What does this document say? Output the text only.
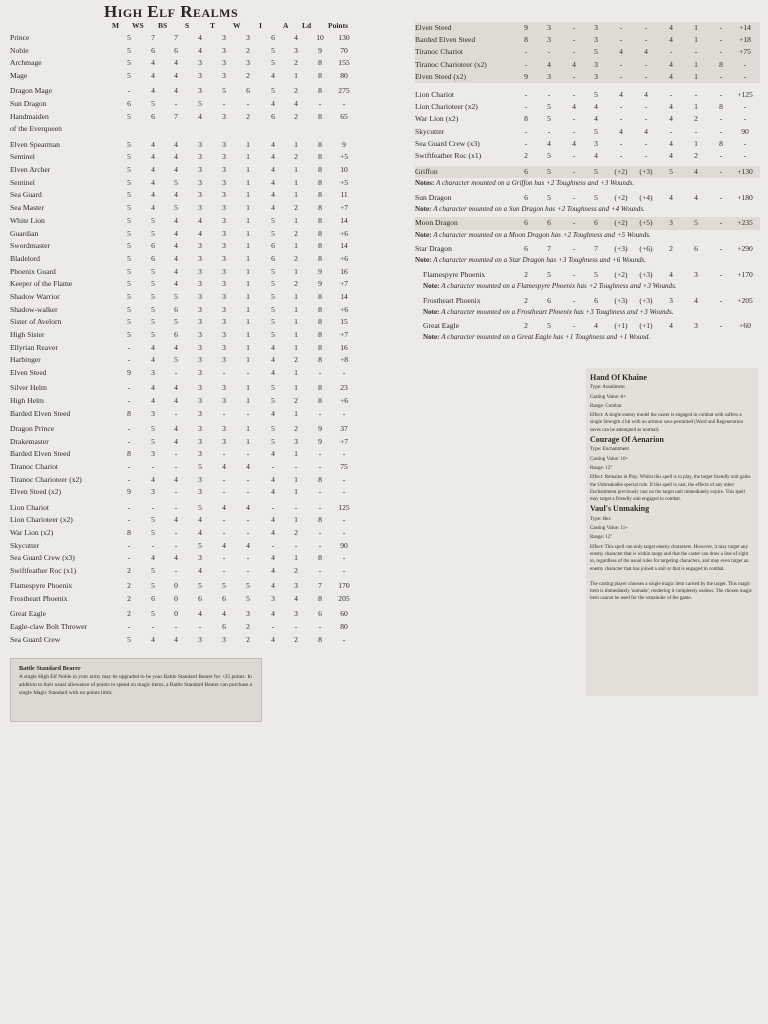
High Elf Realms
M WS BS S	T W I	A Ld Points
Prince	5	7	7	4	3	3	6	4	10	130
Noble	5	6	6	4	3	2	5	3	9	70
Archmage	5	4	4	3	3	3	5	2	8	155
Mage	5	4	4	3	3	2	4	1	8	80
Dragon Mage	-	4	4	3	5	6	5	2	8	275
Sun Dragon	6	5	-	5	-	-	4	4	-	-
Handmaiden	5	6	7	4	3	2	6	2	8	65
of the Everqueen
Elven Spearman	5	4	4	3	3	1	4	1	8	9
Sentinel	5	4	4	3	3	1	4	2	8	+5
Elven Archer	5	4	4	3	3	1	4	1	8	10
Sentinel	5	4	5	3	3	1	4	1	8	+5
Sea Guard	5	4	4	3	3	1	4	1	8	11
Sea Master	5	4	5	3	3	1	4	2	8	+7
White Lion	5	5	4	4	3	1	5	1	8	14
Guardian	5	5	4	4	3	1	5	2	8	+6
Swordmaster	5	6	4	3	3	1	6	1	8	14
Bladelord	5	6	4	3	3	1	6	2	8	+6
Phoenix Guard	5	5	4	3	3	1	5	1	9	16
Keeper of the Flame	5	5	4	3	3	1	5	2	9	+7
Shadow Warrior	5	5	5	3	3	1	5	1	8	14
Shadow-walker	5	5	6	3	3	1	5	1	8	+6
Sister of Avelorn	5	5	5	3	3	1	5	1	8	15
High Sister	5	5	6	3	3	1	5	1	8	+7
Ellyrian Reaver	-	4	4	3	3	1	4	1	8	16
Harbinger	-	4	5	3	3	1	4	2	8	+8
Elven Steed	9	3	-	3	-	-	4	1	-	-
Silver Helm	-	4	4	3	3	1	5	1	8	23
High Helm	-	4	4	3	3	1	5	2	8	+6
Barded Elven Steed	8	3	-	3	-	-	4	1	-	-
Dragon Prince	-	5	4	3	3	1	5	2	9	37
Drakemaster	-	5	4	3	3	1	5	3	9	+7
Barded Elven Steed	8	3	-	3	-	-	4	1	-	-
Tiranoc Chariot	-	-	-	5	4	4	-	-	-	75
Tiranoc Charioteer (x2)	-	4	4	3	-	-	4	1	8	-
Elven Steed (x2)	9	3	-	3	-	-	4	1	-	-
Lion Chariot	-	-	-	5	4	4	-	-	-	125
Lion Charioteer (x2)	-	5	4	4	-	-	4	1	8	-
War Lion (x2)	8	5	-	4	-	-	4	2	-	-
Skycutter	-	-	-	5	4	4	-	-	-	90
Sea Guard Crew (x3)	-	4	4	3	-	-	4	1	8	-
Swiftfeather Roc (x1)	2	5	-	4	-	-	4	2	-	-
Flamespyre Phoenix	2	5	0	5	5	5	4	3	7	170
Frostheart Phoenix	2	6	0	6	6	5	3	4	8	205
Great Eagle	2	5	0	4	4	3	4	3	6	60
Eagle-claw Bolt Thrower	-	-	-	-	6	2	-	-	-	80
Sea Guard Crew	5	4	4	3	3	2	4	2	8	-
Battle Standard Bearer
A single High Elf Noble in your army may be upgraded to be your Battle Standard Bearer for +25 points. In addition to their usual allowance of points to spend on magic items, a Battle Standard Bearer can purchase a single Magic Standard with no points limit.
Elven Steed	9	3	-	3	-	-	4	1	-	+14
Barded Elven Steed	8	3	-	3	-	-	4	1	-	+18
Tiranoc Chariot	-	-	-	5	4	4	-	-	-	+75
Tiranoc Charioteer (x2)	-	4	4	3	-	-	4	1	8	-
Elven Steed (x2)	9	3	-	3	-	-	4	1	-	-
Lion Chariot	-	-	-	5	4	4	-	-	-	+125
Lion Charioteer (x2)	-	5	4	4	-	-	4	1	8	-
War Lion (x2)	8	5	-	4	-	-	4	2	-	-
Skycutter	-	-	-	5	4	4	-	-	-	90
Sea Guard Crew (x3)	-	4	4	3	-	-	4	1	8	-
Swiftfeather Roc (x1)	2	5	-	4	-	-	4	2	-	-
Griffon	6	5	-	5	(+2)	(+3)	5	4	-	+130
Notes: A character mounted on a Griffon has +2 Toughness and +3 Wounds.
Sun Dragon	6	5	-	5	(+2)	(+4)	4	4	-	+180
Note: A character mounted on a Sun Dragon has +2 Toughness and +4 Wounds.
Moon Dragon	6	6	-	6	(+2)	(+5)	3	5	-	+235
Note: A character mounted on a Moon Dragon has +2 Toughness and +5 Wounds.
Star Dragon	6	7	-	7	(+3)	(+6)	2	6	-	+290
Note: A character mounted on a Star Dragon has +3 Toughness and +6 Wounds.
Flamespyre Phoenix	2	5	-	5	(+2)	(+3)	4	3	-	+170
Note: A character mounted on a Flamespyre Phoenix has +2 Toughness and +3 Wounds.
Frostheart Phoenix	2	6	-	6	(+3)	(+3)	3	4	-	+205
Note: A character mounted on a Frostheart Phoenix has +3 Toughness and +3 Wounds.
Great Eagle	2	5	-	4	(+1)	(+1)	4	3	-	+60
Note: A character mounted on a Great Eagle has +1 Toughness and +1 Wound.
Hand Of Khaine

Type: Assailment

Casting Value: 8+

Range: Combat

Effect: A single enemy model the caster is engaged in combat with suffers a single Strength 4 hit with no armour save permitted (Ward and Regeneration saves can be attempted as normal).

Courage Of Aenarion

Type: Enchantment

Casting Value: 10+

Range: 12"

Effect: Remains in Play. Whilst this spell is in play, the target friendly unit gains the Unbreakable special rule. If this spell is cast, the effects of any other Enchantment previously cast on the target unit immediately expire. This spell may target a friendly unit engaged in combat.

Vaul's Unmaking

Type: Hex

Casting Value: 11+

Range: 12"

Effect: This spell can only target enemy characters. However, it may target any enemy character that is within range and that the caster can draw a line of sight to, regardless of the usual rules for targeting characters, and may even target an enemy character that has joined a unit or that is engaged in combat.

The casting player chooses a single magic item carried by the target. This magic item is immediately 'unmade', rendering it completely useless. The chosen magic item cannot be used for the remainder of the game.
